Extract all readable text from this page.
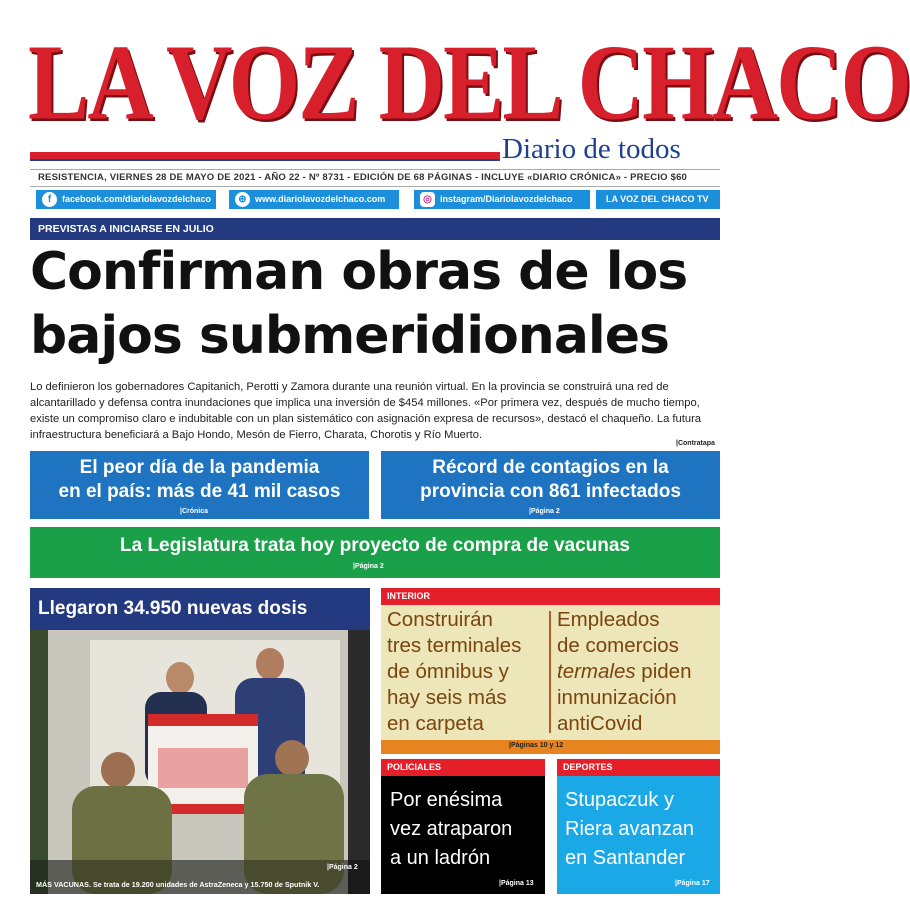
LA VOZ DEL CHACO
Diario de todos
RESISTENCIA, VIERNES 28 DE MAYO DE 2021 - AÑO 22 - Nº 8731 - EDICIÓN DE 68 PÁGINAS - INCLUYE «DIARIO CRÓNICA» - PRECIO $60
f	facebook.com/diariolavozdelchaco	⊕ www.diariolavozdelchaco.com	◎ instagram/Diariolavozdelchaco	LA VOZ DEL CHACO TV
PREVISTAS A INICIARSE EN JULIO
Confirman obras de los
bajos submeridionales
Lo definieron los gobernadores Capitanich, Perotti y Zamora durante una reunión virtual. En la provincia se construirá una red de alcantarillado y defensa contra inundaciones que implica una inversión de $454 millones. «Por primera vez, después de mucho tiempo, existe un compromiso claro e indubitable con un plan sistemático con asignación expresa de recursos», destacó el chaqueño. La futura infraestructura beneficiará a Bajo Hondo, Mesón de Fierro, Charata, Chorotis y Río Muerto.
|Contratapa
El peor día de la pandemia
en el país: más de 41 mil casos
|Crónica
Récord de contagios en la
provincia con 861 infectados
|Página 2
La Legislatura trata hoy proyecto de compra de vacunas
|Página 2
Llegaron 34.950 nuevas dosis
|Página 2
MÁS VACUNAS. Se trata de 19.200 unidades de AstraZeneca y 15.750 de Sputnik V.
INTERIOR
Construirán
tres terminales
de ómnibus y
hay seis más
en carpeta
Empleados
de comercios
termales piden
inmunización
antiCovid
|Páginas 10 y 12
POLICIALES
Por enésima
vez atraparon
a un ladrón
|Página 13
DEPORTES
Stupaczuk y
Riera avanzan
en Santander
|Página 17
